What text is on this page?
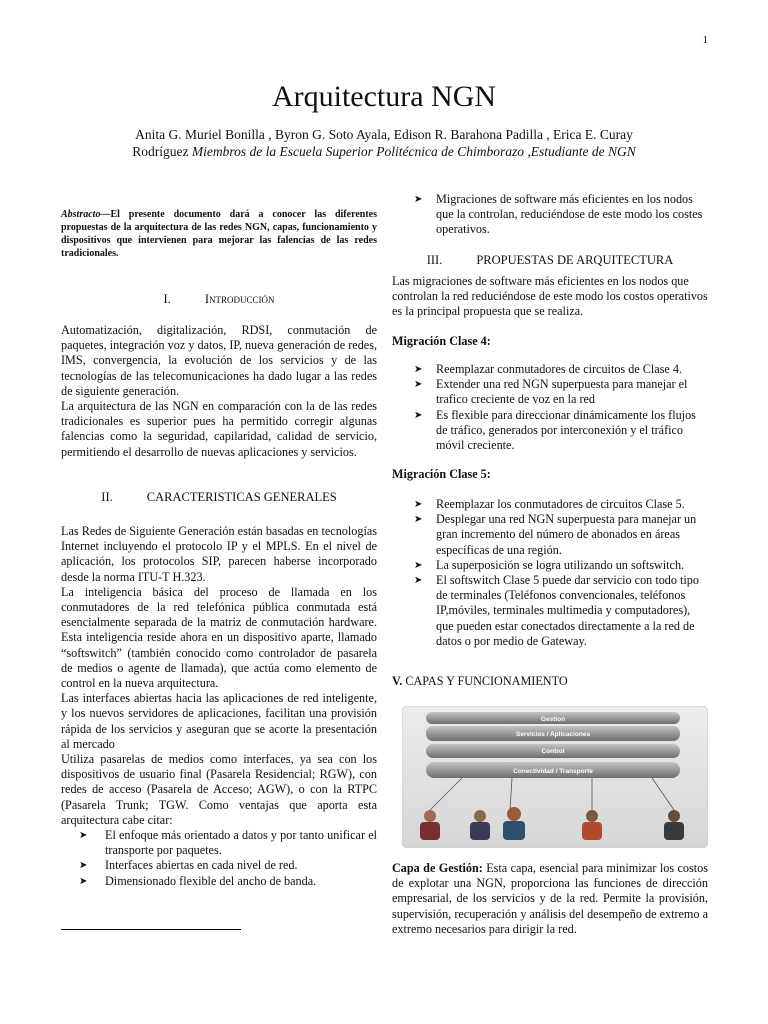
1
Arquitectura NGN
Anita G. Muriel Bonilla , Byron G. Soto Ayala, Edison R. Barahona Padilla , Erica E. Curay
Rodríguez Miembros de la Escuela Superior Politécnica de Chimborazo ,Estudiante de NGN
Abstracto—El presente documento dará a conocer las diferentes propuestas de la arquitectura de las redes NGN, capas, funcionamiento y dispositivos que intervienen para mejorar las falencias de las redes tradicionales.
I.	Introducción
Automatización, digitalización, RDSI, conmutación de paquetes, integración voz y datos, IP, nueva generación de redes, IMS, convergencia, la evolución de los servicios y de las tecnologías de las telecomunicaciones ha dado lugar a las redes de siguiente generación.
La arquitectura de las NGN en comparación con la de las redes tradicionales es superior pues ha permitido corregir algunas falencias como la seguridad, capilaridad, calidad de servicio, permitiendo el desarrollo de nuevas aplicaciones y servicios.
II.	CARACTERISTICAS GENERALES
Las Redes de Siguiente Generación están basadas en tecnologías Internet incluyendo el protocolo IP y el MPLS. En el nivel de aplicación, los protocolos SIP, parecen haberse incorporado desde la norma ITU-T H.323.
La inteligencia básica del proceso de llamada en los conmutadores de la red telefónica pública conmutada está esencialmente separada de la matriz de conmutación hardware. Esta inteligencia reside ahora en un dispositivo aparte, llamado “softswitch” (también conocido como controlador de pasarela de medios o agente de llamada), que actúa como elemento de control en la nueva arquitectura.
Las interfaces abiertas hacia las aplicaciones de red inteligente, y los nuevos servidores de aplicaciones, facilitan una provisión rápida de los servicios y aseguran que se acorte la presentación al mercado
Utiliza pasarelas de medios como interfaces, ya sea con los dispositivos de usuario final (Pasarela Residencial; RGW), con redes de acceso (Pasarela de Acceso; AGW), o con la RTPC (Pasarela Trunk; TGW. Como ventajas que aporta esta arquitectura cabe citar:
➤ El enfoque más orientado a datos y por tanto unificar el transporte por paquetes.
➤ Interfaces abiertas en cada nivel de red.
➤ Dimensionado flexible del ancho de banda.
➤ Migraciones de software más eficientes en los nodos que la controlan, reduciéndose de este modo los costes operativos.
III.	PROPUESTAS DE ARQUITECTURA
Las migraciones de software más eficientes en los nodos que controlan la red reduciéndose de este modo los costos operativos es la principal propuesta que se realiza.
Migración Clase 4:
➤ Reemplazar conmutadores de circuitos de Clase 4.
➤ Extender una red NGN superpuesta para manejar el trafico creciente de voz en la red
➤ Es flexible para direccionar dinámicamente los flujos de tráfico, generados por interconexión y el tráfico móvil creciente.
Migración Clase 5:
➤ Reemplazar los conmutadores de circuitos Clase 5.
➤ Desplegar una red NGN superpuesta para manejar un gran incremento del número de abonados en áreas específicas de una región.
➤ La superposición se logra utilizando un softswitch.
➤ El softswitch Clase 5 puede dar servicio con todo tipo de terminales (Teléfonos convencionales, teléfonos IP,móviles, terminales multimedia y computadores), que pueden estar conectados directamente a la red de datos o por medio de Gateway.
V. CAPAS Y FUNCIONAMIENTO
Gestion
Servicios / Aplicaciones
Control
Conectividad / Transporte
Capa de Gestión: Esta capa, esencial para minimizar los costos de explotar una NGN, proporciona las funciones de dirección empresarial, de los servicios y de la red. Permite la provisión, supervisión, recuperación y análisis del desempeño de extremo a extremo necesarios para dirigir la red.
